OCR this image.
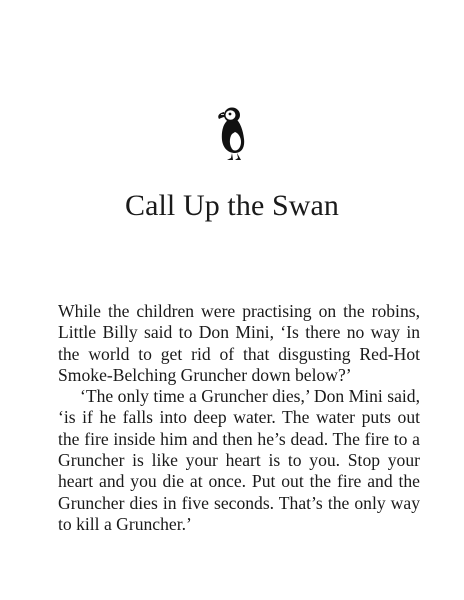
Call Up the Swan

While the children were practising on the robins, Little Billy said to Don Mini, ‘Is there no way in the world to get rid of that disgusting Red-Hot Smoke-Belching Gruncher down below?’

‘The only time a Gruncher dies,’ Don Mini said, ‘is if he falls into deep water. The water puts out the fire inside him and then he’s dead. The fire to a Gruncher is like your heart is to you. Stop your heart and you die at once. Put out the fire and the Gruncher dies in five seconds. That’s the only way to kill a Gruncher.’
